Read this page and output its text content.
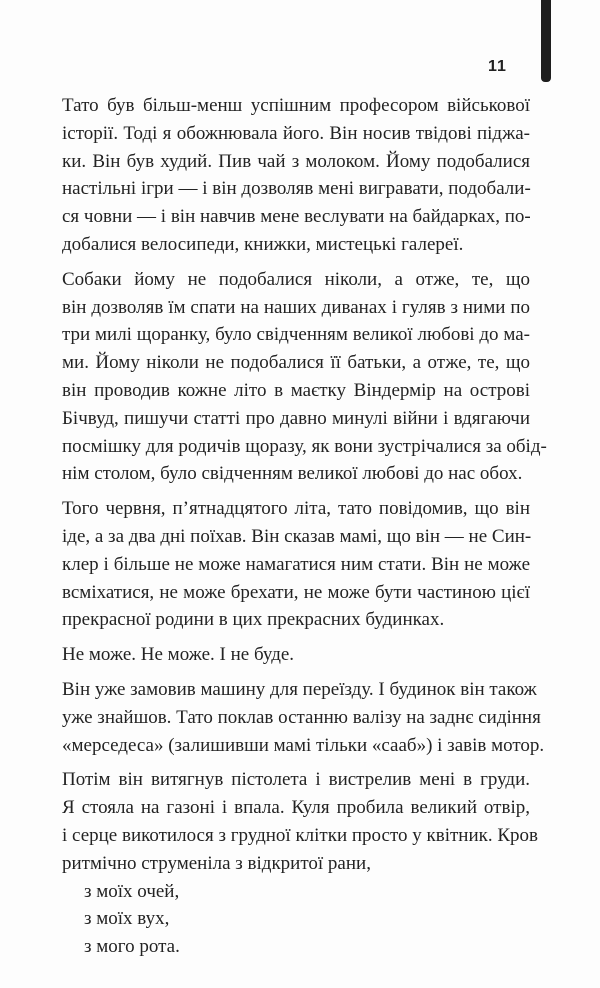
11
Тато був більш-менш успішним професором військової
історії. Тоді я обожнювала його. Він носив твідові піджа-
ки. Він був худий. Пив чай з молоком. Йому подобалися
настільні ігри — і він дозволяв мені вигравати, подобали-
ся човни — і він навчив мене веслувати на байдарках, по-
добалися велосипеди, книжки, мистецькі галереї.
Собаки йому не подобалися ніколи, а отже, те, що
він дозволяв їм спати на наших диванах і гуляв з ними по
три милі щоранку, було свідченням великої любові до ма-
ми. Йому ніколи не подобалися її батьки, а отже, те, що
він проводив кожне літо в маєтку Віндермір на острові
Бічвуд, пишучи статті про давно минулі війни і вдягаючи
посмішку для родичів щоразу, як вони зустрічалися за обід-
нім столом, було свідченням великої любові до нас обох.
Того червня, п’ятнадцятого літа, тато повідомив, що він
іде, а за два дні поїхав. Він сказав мамі, що він — не Син-
клер і більше не може намагатися ним стати. Він не може
всміхатися, не може брехати, не може бути частиною цієї
прекрасної родини в цих прекрасних будинках.
Не може. Не може. І не буде.
Він уже замовив машину для переїзду. І будинок він також
уже знайшов. Тато поклав останню валізу на заднє сидіння
«мерседеса» (залишивши мамі тільки «сааб») і завів мотор.
Потім він витягнув пістолета і вистрелив мені в груди.
Я стояла на газоні і впала. Куля пробила великий отвір,
і серце викотилося з грудної клітки просто у квітник. Кров
ритмічно струменіла з відкритої рани,
з моїх очей,
з моїх вух,
з мого рота.
